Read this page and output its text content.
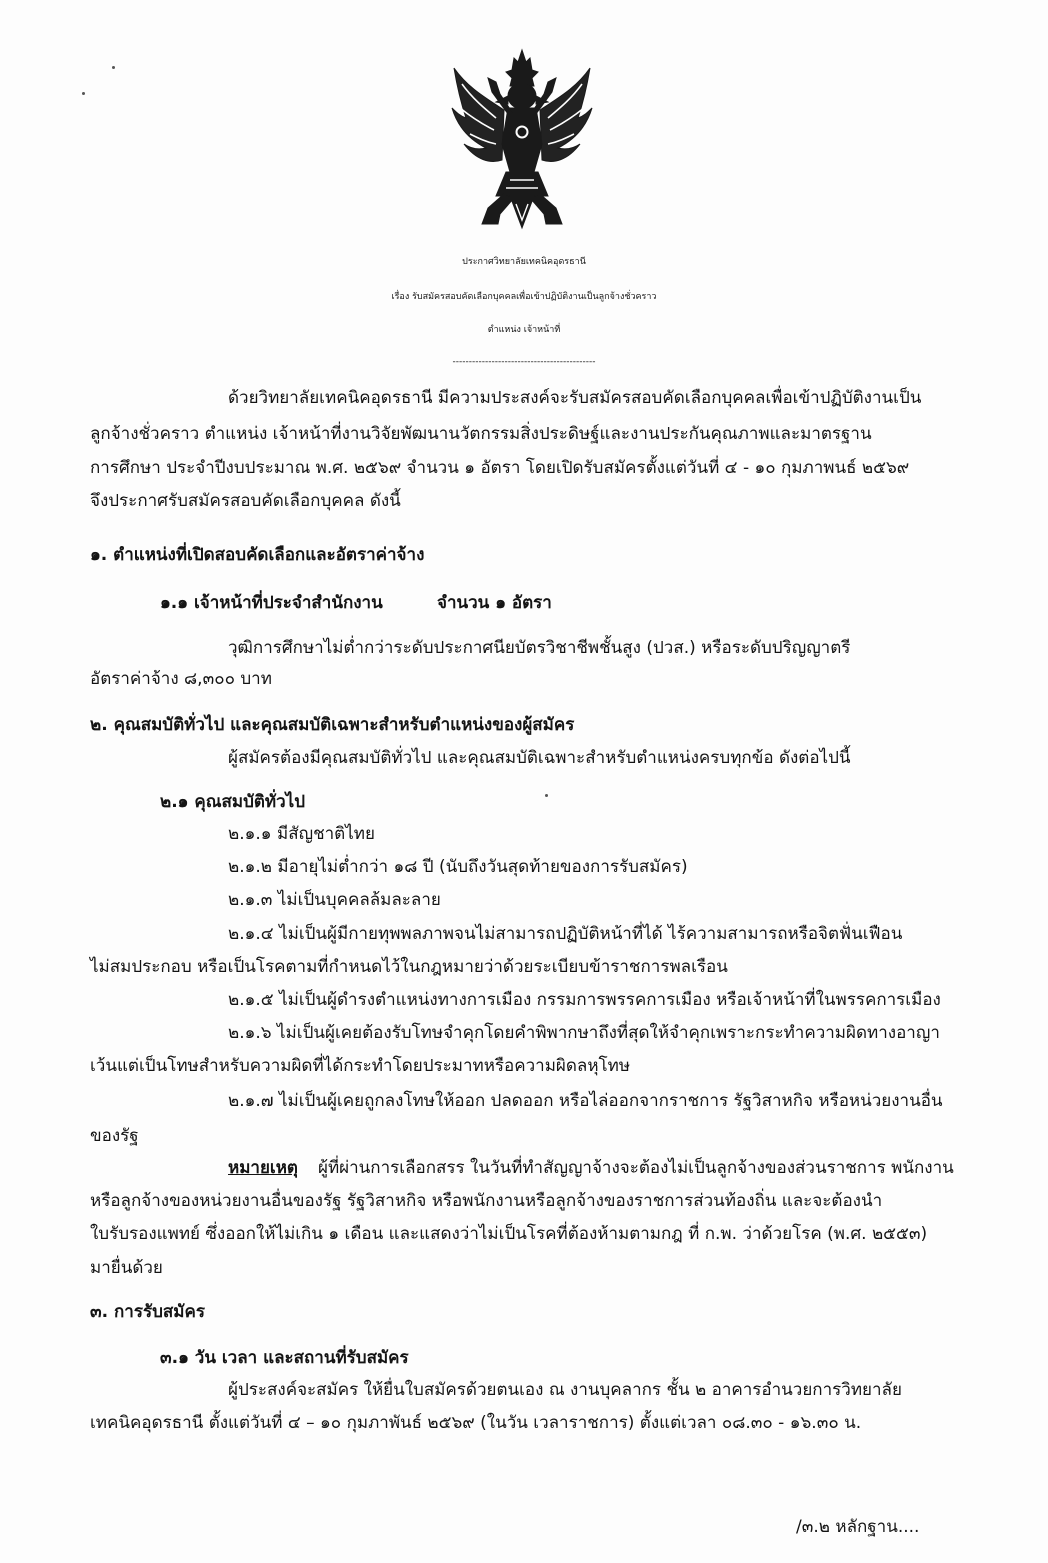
ประกาศวิทยาลัยเทคนิคอุดรธานี
เรื่อง รับสมัครสอบคัดเลือกบุคคลเพื่อเข้าปฏิบัติงานเป็นลูกจ้างชั่วคราว
ตำแหน่ง เจ้าหน้าที่
--------------------------------------------
ด้วยวิทยาลัยเทคนิคอุดรธานี มีความประสงค์จะรับสมัครสอบคัดเลือกบุคคลเพื่อเข้าปฏิบัติงานเป็น
ลูกจ้างชั่วคราว ตำแหน่ง เจ้าหน้าที่งานวิจัยพัฒนานวัตกรรมสิ่งประดิษฐ์และงานประกันคุณภาพและมาตรฐาน
การศึกษา ประจำปีงบประมาณ พ.ศ. ๒๕๖๙ จำนวน ๑ อัตรา โดยเปิดรับสมัครตั้งแต่วันที่ ๔ - ๑๐ กุมภาพนธ์ ๒๕๖๙
จึงประกาศรับสมัครสอบคัดเลือกบุคคล ดังนี้
๑. ตำแหน่งที่เปิดสอบคัดเลือกและอัตราค่าจ้าง
๑.๑ เจ้าหน้าที่ประจำสำนักงาน	จำนวน ๑ อัตรา
วุฒิการศึกษาไม่ต่ำกว่าระดับประกาศนียบัตรวิชาชีพชั้นสูง (ปวส.) หรือระดับปริญญาตรี
อัตราค่าจ้าง ๘,๓๐๐ บาท
๒. คุณสมบัติทั่วไป และคุณสมบัติเฉพาะสำหรับตำแหน่งของผู้สมัคร
ผู้สมัครต้องมีคุณสมบัติทั่วไป และคุณสมบัติเฉพาะสำหรับตำแหน่งครบทุกข้อ ดังต่อไปนี้
๒.๑ คุณสมบัติทั่วไป
๒.๑.๑ มีสัญชาติไทย
๒.๑.๒ มีอายุไม่ต่ำกว่า ๑๘ ปี (นับถึงวันสุดท้ายของการรับสมัคร)
๒.๑.๓ ไม่เป็นบุคคลล้มละลาย
๒.๑.๔ ไม่เป็นผู้มีกายทุพพลภาพจนไม่สามารถปฏิบัติหน้าที่ได้ ไร้ความสามารถหรือจิตฟั่นเฟือน
ไม่สมประกอบ หรือเป็นโรคตามที่กำหนดไว้ในกฎหมายว่าด้วยระเบียบข้าราชการพลเรือน
๒.๑.๕ ไม่เป็นผู้ดำรงตำแหน่งทางการเมือง กรรมการพรรคการเมือง หรือเจ้าหน้าที่ในพรรคการเมือง
๒.๑.๖ ไม่เป็นผู้เคยต้องรับโทษจำคุกโดยคำพิพากษาถึงที่สุดให้จำคุกเพราะกระทำความผิดทางอาญา
เว้นแต่เป็นโทษสำหรับความผิดที่ได้กระทำโดยประมาทหรือความผิดลหุโทษ
๒.๑.๗ ไม่เป็นผู้เคยถูกลงโทษให้ออก ปลดออก หรือไล่ออกจากราชการ รัฐวิสาหกิจ หรือหน่วยงานอื่น
ของรัฐ
หมายเหตุ ผู้ที่ผ่านการเลือกสรร ในวันที่ทำสัญญาจ้างจะต้องไม่เป็นลูกจ้างของส่วนราชการ พนักงาน
หรือลูกจ้างของหน่วยงานอื่นของรัฐ รัฐวิสาหกิจ หรือพนักงานหรือลูกจ้างของราชการส่วนท้องถิ่น และจะต้องนำ
ใบรับรองแพทย์ ซึ่งออกให้ไม่เกิน ๑ เดือน และแสดงว่าไม่เป็นโรคที่ต้องห้ามตามกฎ ที่ ก.พ. ว่าด้วยโรค (พ.ศ. ๒๕๕๓)
มายื่นด้วย
๓. การรับสมัคร
๓.๑ วัน เวลา และสถานที่รับสมัคร
ผู้ประสงค์จะสมัคร ให้ยื่นใบสมัครด้วยตนเอง ณ งานบุคลากร ชั้น ๒ อาคารอำนวยการวิทยาลัย
เทคนิคอุดรธานี ตั้งแต่วันที่ ๔ – ๑๐ กุมภาพันธ์ ๒๕๖๙ (ในวัน เวลาราชการ) ตั้งแต่เวลา ๐๘.๓๐ - ๑๖.๓๐ น.
/๓.๒ หลักฐาน....
